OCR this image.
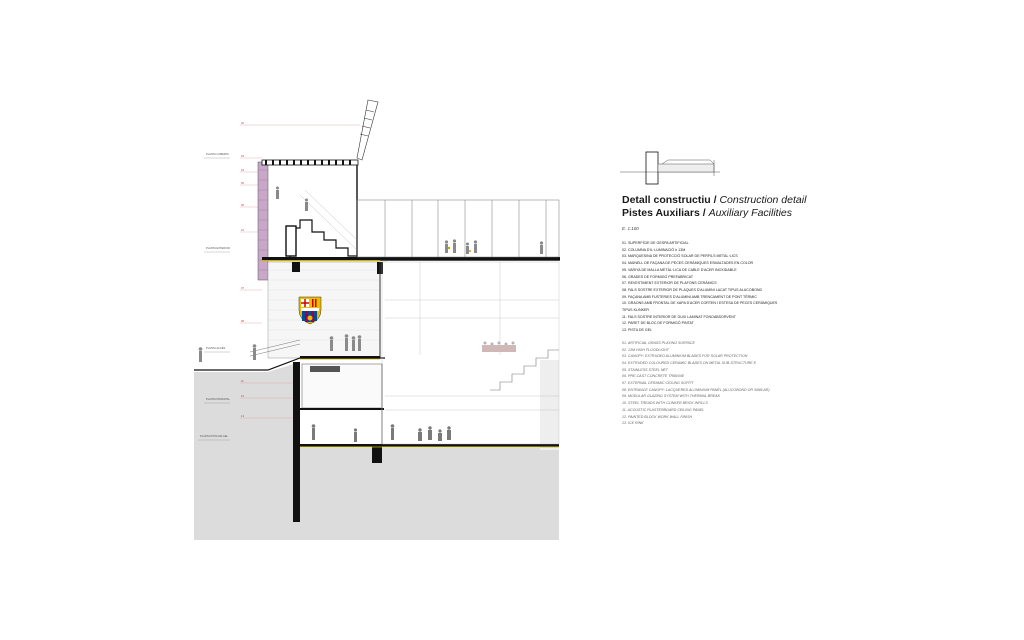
02
03
04
05
06
10
07
08
11
12
13
PLANTA COBERTA
PLANTA EXTERIOR
PLANTA ACCÉS
PLANTA PRINCIPAL
PLANTA PISTA DE GEL
Detall constructiu / Construction detail
Pistes Auxiliars / Auxiliary Facilities
E. 1:100
01. SUPERFÍCIE DE GESPA ARTIFICIAL
02. COLUMNA D'IL·LUMINACIÓ h 13M
03. MARQUESINA DE PROTECCIÓ SOLAR DE PERFILS METÀL·LICS
04. MAINELL DE FAÇANA DE PECES CERÀMIQUES ESMALTADES EN COLOR
05. VARIYA DE MALLA METÀL·LICA DE CABLE D'ACER INOXIDABLE
06. GRADES DE FORMIGÓ PREFABRICAT
07. REVESTIMENT EXTERIOR DE PLAFONS CERÀMICS
08. FALS SOSTRE EXTERIOR DE PLAQUES D'ALUMINI LACAT TIPUS ALUCOBOND
09. FAÇANA AMB FUSTERIES D'ALUMINI AMB TRENCAMENT DE PONT TÈRMIC
10. GRAONS AMB FRONTAL DE XAPA D'ACER CORTEN I ESTESA DE PECES CERÀMIQUES
TIPUS KLINKER
11. FALS SOSTRE INTERIOR DE GUIX LAMINAT FONOABSORVENT
12. PARET DE BLOC DE FORMIGÓ PINTAT
13. PISTA DE GEL
01. ARTIFICIAL GRASS PLAYING SURFACE
02. 13M HIGH FLOODLIGHT
03. CANOPY: EXTRUDED ALUMINIUM BLADES FOR SOLAR PROTECTION
04. EXTRUDED COLOURED CERAMIC BLADES ON METAL SUB-STRUCTURE E
05. STAINLESS STEEL NET
06. PRE-CAST CONCRETE TRIBUNE
07. EXTERNAL CERAMIC CEILING SOFFIT
08. ENTRANCE CANOPY: LACQUERED ALUMINIUM PANEL (ALUCOBOND OR SIMILAR)
09. MODULAR GLAZING SYSTEM WITH THERMAL BREAK
10. STEEL TREADS WITH CLINKER BRICK INFILLS
11. ACOUSTIC PLASTERBOARD CEILING PANEL
12. PAINTED BLOCK WORK WALL FINISH
13. ICE RINK
